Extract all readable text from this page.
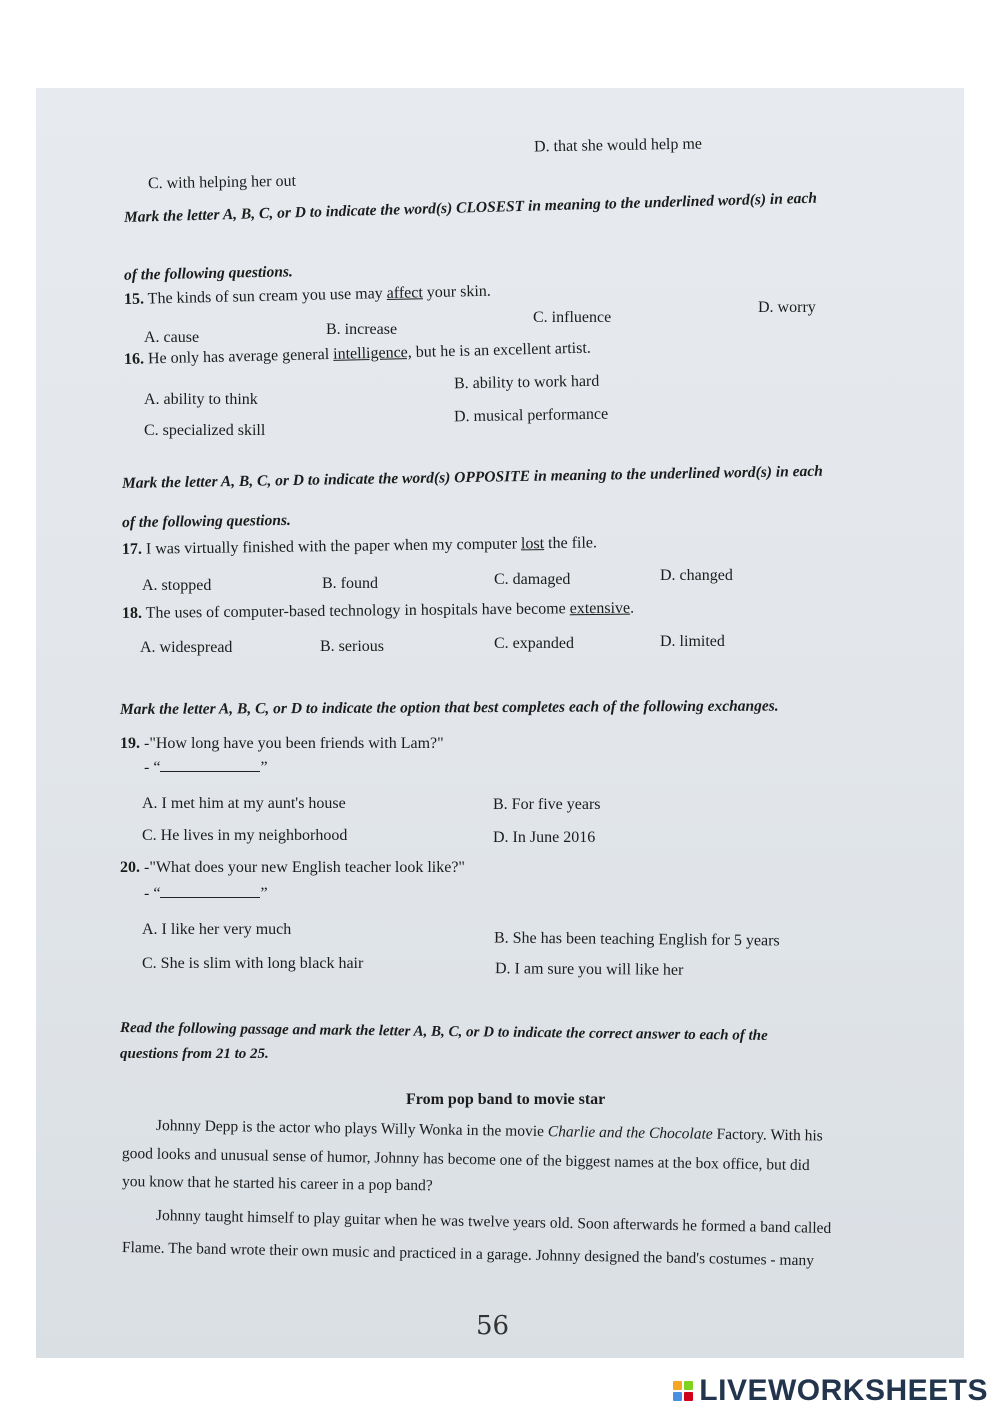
C. with helping her out
D. that she would help me
Mark the letter A, B, C, or D to indicate the word(s) CLOSEST in meaning to the underlined word(s) in each
of the following questions.
15. The kinds of sun cream you use may affect your skin.
A. cause	B. increase
C. influence
D. worry
16. He only has average general intelligence, but he is an excellent artist.
A. ability to think
B. ability to work hard
C. specialized skill
D. musical performance
Mark the letter A, B, C, or D to indicate the word(s) OPPOSITE in meaning to the underlined word(s) in each
of the following questions.
17. I was virtually finished with the paper when my computer lost the file.
A. stopped	B. found	C. damaged	D. changed
18. The uses of computer-based technology in hospitals have become extensive.
A. widespread	B. serious	C. expanded	D. limited
Mark the letter A, B, C, or D to indicate the option that best completes each of the following exchanges.
19. -"How long have you been friends with Lam?"
- “	”
A. I met him at my aunt's house	B. For five years
C. He lives in my neighborhood	D. In June 2016
20. -"What does your new English teacher look like?"
- “	”
A. I like her very much
B. She has been teaching English for 5 years
C. She is slim with long black hair	D. I am sure you will like her
Read the following passage and mark the letter A, B, C, or D to indicate the correct answer to each of the
questions from 21 to 25.
From pop band to movie star
Johnny Depp is the actor who plays Willy Wonka in the movie Charlie and the Chocolate Factory. With his
good looks and unusual sense of humor, Johnny has become one of the biggest names at the box office, but did
you know that he started his career in a pop band?
Johnny taught himself to play guitar when he was twelve years old. Soon afterwards he formed a band called
Flame. The band wrote their own music and practiced in a garage. Johnny designed the band's costumes - many
56
LIVEWORKSHEETS
